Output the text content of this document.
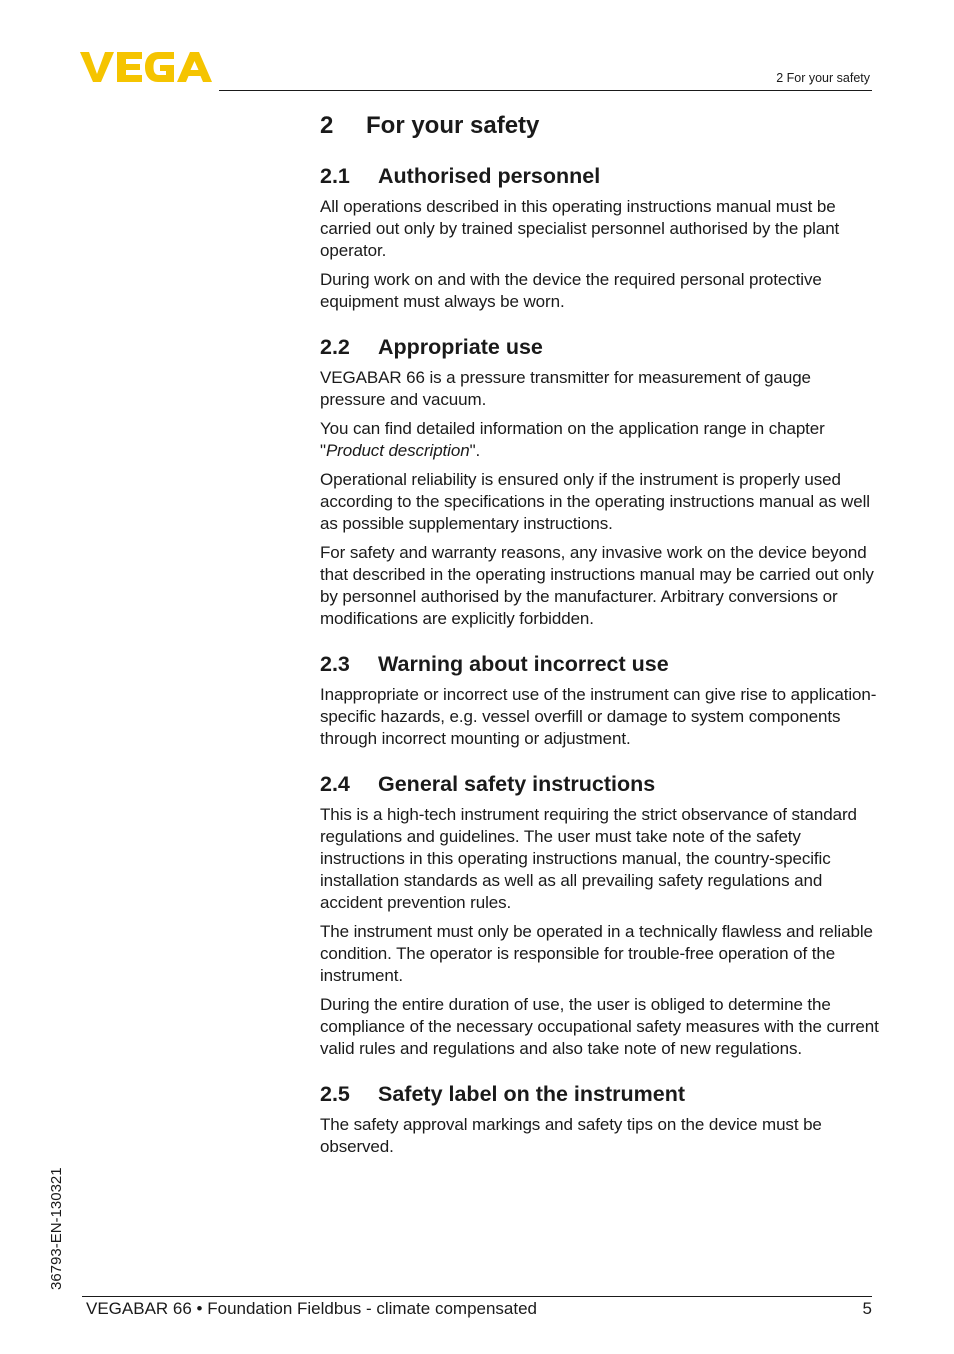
2 For your safety
2	For your safety
2.1	Authorised personnel

All operations described in this operating instructions manual must be carried out only by trained specialist personnel authorised by the plant operator.

During work on and with the device the required personal protective equipment must always be worn.

2.2	Appropriate use

VEGABAR 66 is a pressure transmitter for measurement of gauge pressure and vacuum.

You can find detailed information on the application range in chapter "Product description".

Operational reliability is ensured only if the instrument is properly used according to the specifications in the operating instructions manual as well as possible supplementary instructions.

For safety and warranty reasons, any invasive work on the device beyond that described in the operating instructions manual may be carried out only by personnel authorised by the manufacturer. Arbitrary conversions or modifications are explicitly forbidden.

2.3	Warning about incorrect use

Inappropriate or incorrect use of the instrument can give rise to application-specific hazards, e.g. vessel overfill or damage to system components through incorrect mounting or adjustment.

2.4	General safety instructions

This is a high-tech instrument requiring the strict observance of standard regulations and guidelines. The user must take note of the safety instructions in this operating instructions manual, the country-specific installation standards as well as all prevailing safety regulations and accident prevention rules.

The instrument must only be operated in a technically flawless and reliable condition. The operator is responsible for trouble-free operation of the instrument.

During the entire duration of use, the user is obliged to determine the compliance of the necessary occupational safety measures with the current valid rules and regulations and also take note of new regulations.

2.5	Safety label on the instrument

The safety approval markings and safety tips on the device must be observed.

36793-EN-130321
VEGABAR 66 • Foundation Fieldbus - climate compensated	5
